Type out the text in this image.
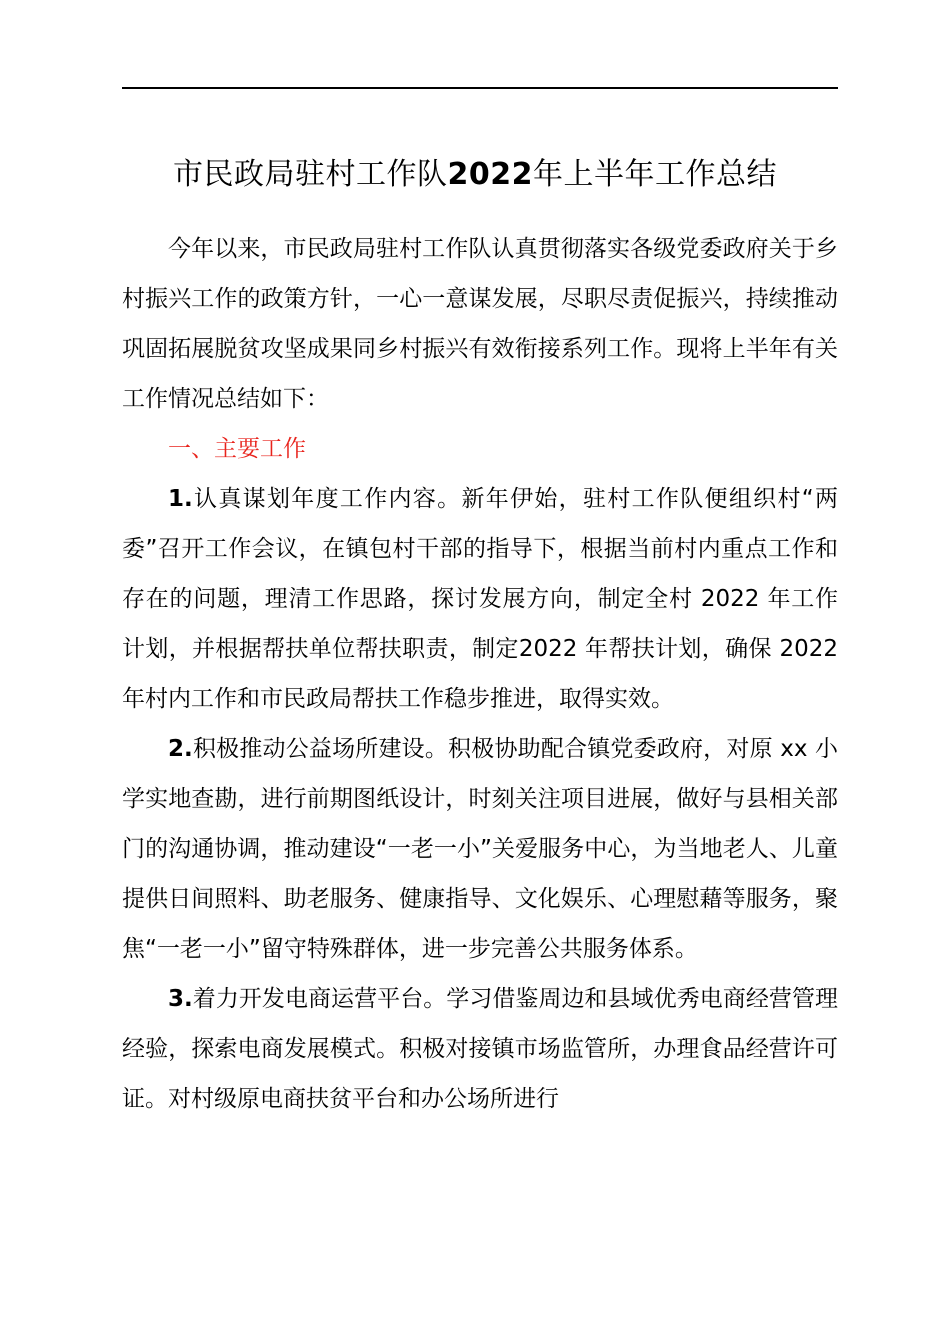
市民政局驻村工作队2022年上半年工作总结

今年以来，市民政局驻村工作队认真贯彻落实各级党委政府关于乡村振兴工作的政策方针，一心一意谋发展，尽职尽责促振兴，持续推动巩固拓展脱贫攻坚成果同乡村振兴有效衔接系列工作。现将上半年有关工作情况总结如下：

一、主要工作

1.认真谋划年度工作内容。新年伊始，驻村工作队便组织村“两委”召开工作会议，在镇包村干部的指导下，根据当前村内重点工作和存在的问题，理清工作思路，探讨发展方向，制定全村 2022 年工作计划，并根据帮扶单位帮扶职责，制定2022 年帮扶计划，确保 2022 年村内工作和市民政局帮扶工作稳步推进，取得实效。

2.积极推动公益场所建设。积极协助配合镇党委政府，对原 xx 小学实地查勘，进行前期图纸设计，时刻关注项目进展，做好与县相关部门的沟通协调，推动建设“一老一小”关爱服务中心，为当地老人、儿童提供日间照料、助老服务、健康指导、文化娱乐、心理慰藉等服务，聚焦“一老一小”留守特殊群体，进一步完善公共服务体系。

3.着力开发电商运营平台。学习借鉴周边和县域优秀电商经营管理经验，探索电商发展模式。积极对接镇市场监管所，办理食品经营许可证。对村级原电商扶贫平台和办公场所进行
